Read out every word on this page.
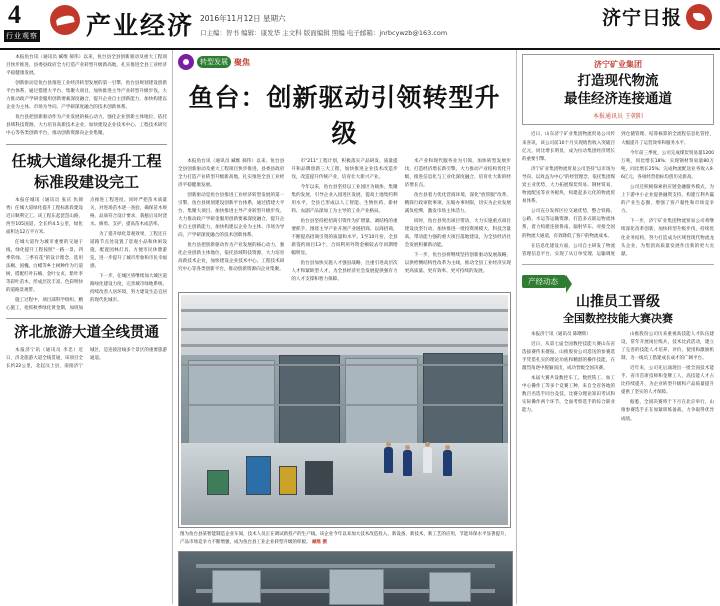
4
行业观察 产业经济 2016年11月12日 星期六
口主编：智书 编辑：康发华 主文科 版面编辑 照编 电子邮箱：jnrbcywzb@163.com
济宁日报

本报鱼台讯（通讯员 臧维 郝伟）以来，鱼台县全县创新驱动及重大工程项目快步推进，县委县政府全力打造产业转型升级新高地，扎实推进全县工业经济平稳健康发展。

创新驱动是鱼台县推进工业经济转型发展的第一引擎，鱼台县规划建设创新平台体系，通过搭建大平台、集聚大项目，加快推进主导产业转型升级步伐。大力推动政产学研金服用创新要素深度融合，提升企业自主创新能力，加快构建以企业为主体、市场为导向、产学研深度融合的技术创新体系。

鱼台县把创新驱动作为产业发展的核心动力，强化企业创新主体地位，依托县域科技资源，大力培育高新技术企业，加快建设企业技术中心、工程技术研究中心等各类创新平台，推动创新资源向企业集聚。

任城大道绿化提升工程
标准段建设完工

本报任城讯（通讯员 张庆 仇锦秀）任城大道绿化提升工程标准段建设近日顺利完工。该工程东起琵琶山路，西至105国道，全长约4.5公里，绿化面积达12万平方米。

任城大道作为城市重要的交通干线，绿化提升工程按照"一路一景、四季常绿、三季有花"的设计理念，选用法桐、国槐、白蜡等乡土树种作为行道树，搭配红叶石楠、金叶女贞、紫叶李等彩叶苗木，形成层次丰富、色彩明快的道路景观带。

施工过程中，项目部科学组织、精心施工，抢抓秋季绿化黄金期，加班加点推进工程进度。同时严把苗木质量关，对进场苗木逐一查验，确保苗木规格、品质符合设计要求，栽植后及时浇水、修剪、支护，提高苗木成活率。

为了提升绿化景观效果，工程还在道路节点处设置了景观小品和休闲设施，配置园林灯具，方便市民休憩游览，进一步提升了城市形象和市民幸福感。

下一步，任城区将继续加大城区道路绿化建设力度，完善城市绿地系统，持续改善人居环境，努力建设生态宜居的现代化城市。

济北旅游大道全线贯通

本报济宁讯（通讯员 李忠）近日，济北旅游大道全线贯通，该项目全长约22公里，北起汶上县，南接济宁城区，是连接沿线多个景区的重要旅游通道。

转型发展 聚焦
鱼台：创新驱动引领转型升级

本报鱼台讯（通讯员 臧维 郝伟）以来，鱼台县全县创新驱动及重大工程项目快步推进，县委县政府全力打造产业转型升级新高地，扎实推进全县工业经济平稳健康发展。

创新驱动是鱼台县推进工业经济转型发展的第一引擎，鱼台县规划建设创新平台体系，通过搭建大平台、集聚大项目，加快推进主导产业转型升级步伐。大力推动政产学研金服用创新要素深度融合，提升企业自主创新能力，加快构建以企业为主体、市场为导向、产学研深度融合的技术创新体系。

鱼台县把创新驱动作为产业发展的核心动力，强化企业创新主体地位，依托县域科技资源，大力培育高新技术企业，加快建设企业技术中心、工程技术研究中心等各类创新平台，推动创新资源向企业集聚。

市"211"工程计划，积极落实产品研发、质量提升和品牌创新三大工程，加快推进企业技术改造步伐，改造提升传统产业，培育壮大新兴产业。

今年以来，鱼台县坚持以工业园区为载体，集聚集约发展，引导企业入园进区发展，提高土地集约利用水平，全县已形成以人工智能、生物医药、新材料、农副产品深加工为主导的工业产业格局。

鱼台县坚持把招商引资作为扩增量、调结构的重要抓手，围绕主导产业开展产业链招商、以商招商，不断提高招商引资的质量和水平。1至10月份，全县新签约项目13个，合同利用外资金额较去年同期增幅明显。

鱼台县加快实施人才强县战略，注重引进高层次人才和紧缺型人才，为全县经济社会发展提供强有力的人才支撑和智力保障。

术产业和现代服务业为引领，加快转型发展步伐，打造经济增长新引擎。大力推动产业结构优化升级，推进信息化与工业化深度融合，培育壮大新的经济增长点。

鱼台县着力优化营商环境，深化"放管服"改革，精简行政审批事项，压缩办事时限，切实为企业发展减负松绑，激发市场主体活力。

同时，鱼台县突出项目带动，大力实施重点项目建设攻坚行动，加快推进一批投资规模大、科技含量高、带动能力强的重大项目落地建设，为全县经济社会发展积蓄新动能。

下一步，鱼台县将继续坚持创新驱动发展战略，以供给侧结构性改革为主线，推动全县工业经济实现更高质量、更有效率、更可持续的发展。

图为鱼台县某智能制造企业车间，技术人员正在调试新投产的生产线。该企业今年以来加大技术改造投入，新设备、新技术、新工艺的应用，节能环保水平显著提升，产品市场竞争力不断增强，成为鱼台县工业企业转型升级的样板。 臧维 摄
济宁矿业集团
打造现代物流
最佳经济连接通道
本报通讯员 王朝阳

近日，山东济宁矿业集团物流贸易公司传来喜讯，该公司前10个月实现销售收入突破百亿元，同比增长明显，成为拉动集团经济增长的重要引擎。

济宁矿业集团物流贸易公司坚持"以市场为导向、以效益为中心"的经营理念，依托集团煤炭主业优势，大力拓展煤炭贸易、钢材贸易、物流配送等业务板块，构建起多元化的物流贸易体系。

公司充分发挥区位交通优势，整合铁路、公路、水运等运输资源，打造多式联运物流体系，着力构建连接鲁南、辐射华东、对接全国的物流大通道，有效降低了客户的物流成本。

在信息化建设方面，公司自主研发了物流管理信息平台，实现了从订单受理、运输调度到仓储管理、结算核算的全流程信息化管控，大幅提升了运营效率和服务水平。

今年前三季度，公司完成煤炭贸易量1200万吨，同比增长18%；实现钢材贸易量80万吨，同比增长25%；完成物流配送业务收入9.6亿元，各项经营指标均创历史新高。

公司还积极探索供应链金融服务模式，为上下游中小企业提供融资支持，构建互利共赢的产业生态圈，增强了客户黏性和市场竞争力。

下一步，济宁矿业集团物流贸易公司将继续深化改革创新，加快转型升级步伐，持续优化业务结构，努力打造成为区域性现代物流龙头企业，为集团高质量发展作出新的更大贡献。

产经动态
山推员工晋级
全国数控技能大赛决赛

本报济宁讯（通讯员 陈曙辉）

近日，从第七届全国数控技能大赛山东省选拔赛传来捷报，山推股份公司选送的参赛选手凭借扎实的理论功底和精湛的操作技能，在激烈角逐中脱颖而出，成功晋级全国决赛。

本届大赛共设数控车工、数控铣工、加工中心操作工等多个竞赛工种，来自全省各地的数百名选手同台竞技。比赛分理论知识考试和实际操作两个环节，全面考察选手的综合职业能力。

山推股份公司历来重视高技能人才队伍建设，常年开展岗位练兵、技术比武活动，建立了完善的技能人才培养、评价、使用和激励机制，为一线员工搭建成长成才的广阔平台。

近年来，公司先后涌现出一批全国技术能手、省市首席技师和金牌工人，高技能人才占比持续提升，为企业转型升级和产品质量提升提供了坚实的人才保障。

据悉，全国决赛将于下月在北京举行，山推参赛选手正在加紧训练备战，力争取得优异成绩。
